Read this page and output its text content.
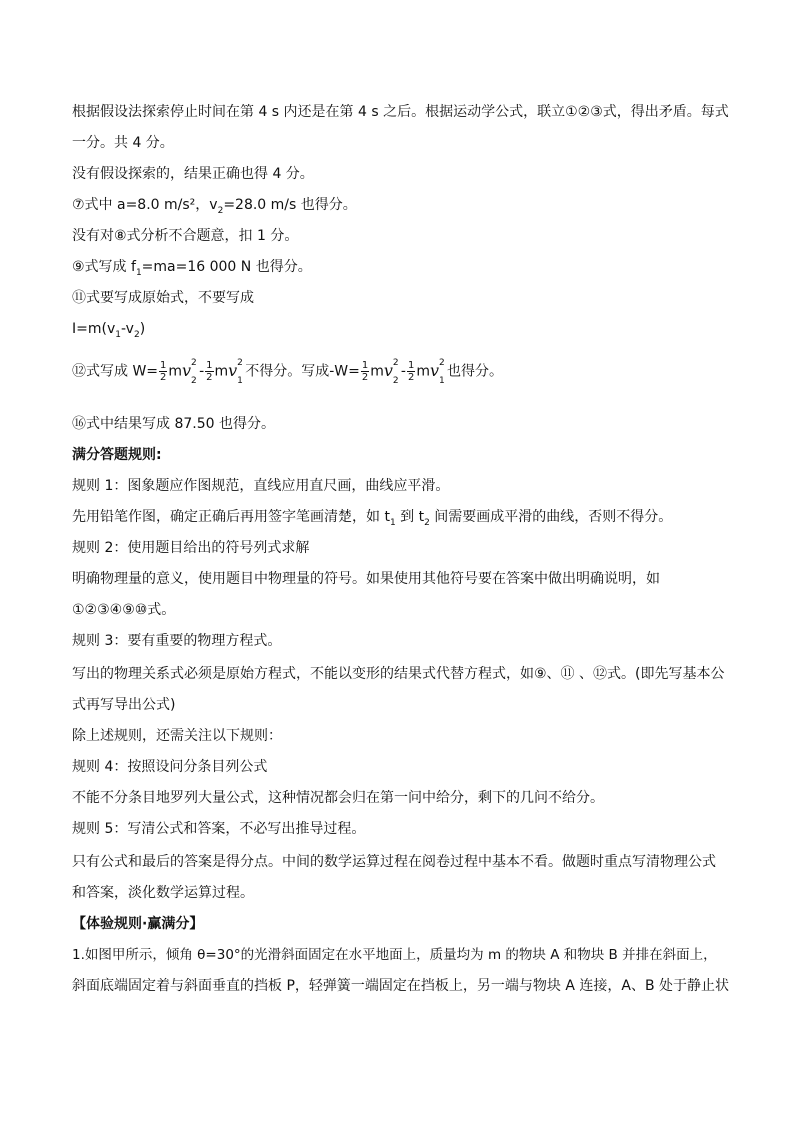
根据假设法探索停止时间在第 4 s 内还是在第 4 s 之后。根据运动学公式，联立①②③式，得出矛盾。每式
一分。共 4 分。
没有假设探索的，结果正确也得 4 分。
⑦式中 a=8.0 m/s²，$v_2=28.0$ m/s 也得分。
没有对⑧式分析不合题意，扣 1 分。
⑨式写成 $f_1=ma=16$ 000 N 也得分。
⑪式要写成原始式，不要写成
$I=m(v_1-v_2)$
⑫式写成 $W= \frac{1}{2}$ mv 2
2
- $\frac{1}{2}$ mv 2
1
不得分。写成$-W= \frac{1}{2}$ mv 2
2
- $\frac{1}{2}$ mv 2
1
也得分。
⑯式中结果写成 87.50 也得分。
满分答题规则:
规则 1：图象题应作图规范，直线应用直尺画，曲线应平滑。
先用铅笔作图，确定正确后再用签字笔画清楚，如 $t_1$ 到 $t_2$ 间需要画成平滑的曲线，否则不得分。
规则 2：使用题目给出的符号列式求解
明确物理量的意义，使用题目中物理量的符号。如果使用其他符号要在答案中做出明确说明，如
①②③④⑨⑩式。
规则 3：要有重要的物理方程式。
写出的物理关系式必须是原始方程式，不能以变形的结果式代替方程式，如⑨、⑪ 、⑫式。(即先写基本公
式再写导出公式)
除上述规则，还需关注以下规则：
规则 4：按照设问分条目列公式
不能不分条目地罗列大量公式，这种情况都会归在第一问中给分，剩下的几问不给分。
规则 5：写清公式和答案，不必写出推导过程。
只有公式和最后的答案是得分点。中间的数学运算过程在阅卷过程中基本不看。做题时重点写清物理公式
和答案，淡化数学运算过程。
【体验规则·赢满分】
1.如图甲所示，倾角 θ=30°的光滑斜面固定在水平地面上，质量均为 m 的物块 A 和物块 B 并排在斜面上，
斜面底端固定着与斜面垂直的挡板 P，轻弹簧一端固定在挡板上，另一端与物块 A 连接，A、B 处于静止状
